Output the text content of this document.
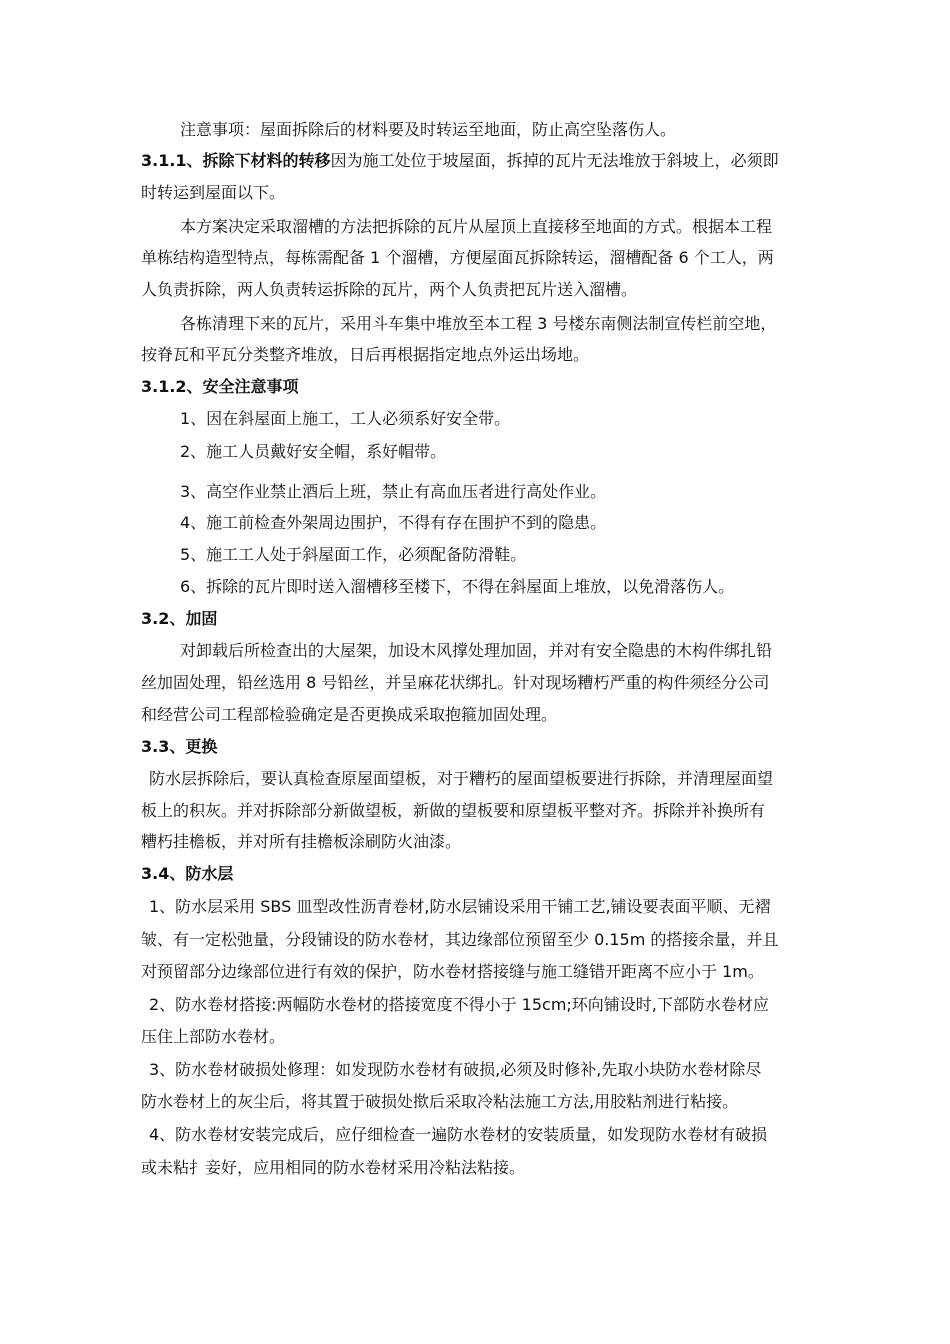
注意事项：屋面拆除后的材料要及时转运至地面，防止高空坠落伤人。
3.1.1、拆除下材料的转移因为施工处位于坡屋面，拆掉的瓦片无法堆放于斜坡上，必须即
时转运到屋面以下。
本方案决定采取溜槽的方法把拆除的瓦片从屋顶上直接移至地面的方式。根据本工程
单栋结构造型特点，每栋需配备 1 个溜槽，方便屋面瓦拆除转运，溜槽配备 6 个工人，两
人负责拆除，两人负责转运拆除的瓦片，两个人负责把瓦片送入溜槽。
各栋清理下来的瓦片，采用斗车集中堆放至本工程 3 号楼东南侧法制宣传栏前空地，
按脊瓦和平瓦分类整齐堆放，日后再根据指定地点外运出场地。
3.1.2、安全注意事项
1、因在斜屋面上施工，工人必须系好安全带。
2、施工人员戴好安全帽，系好帽带。
3、高空作业禁止酒后上班，禁止有高血压者进行高处作业。
4、施工前检查外架周边围护，不得有存在围护不到的隐患。
5、施工工人处于斜屋面工作，必须配备防滑鞋。
6、拆除的瓦片即时送入溜槽移至楼下，不得在斜屋面上堆放，以免滑落伤人。
3.2、加固
对卸载后所检查出的大屋架，加设木风撑处理加固，并对有安全隐患的木构件绑扎铅
丝加固处理，铅丝选用 8 号铅丝，并呈麻花状绑扎。针对现场糟朽严重的构件须经分公司
和经营公司工程部检验确定是否更换成采取抱箍加固处理。
3.3、更换
防水层拆除后，要认真检查原屋面望板，对于糟朽的屋面望板要进行拆除，并清理屋面望
板上的积灰。并对拆除部分新做望板，新做的望板要和原望板平整对齐。拆除并补换所有
糟朽挂檐板，并对所有挂檐板涂刷防火油漆。
3.4、防水层
1、防水层采用 SBS 皿型改性沥青卷材,防水层铺设采用干铺工艺,铺设要表面平顺、无褶
皱、有一定松弛量，分段铺设的防水卷材，其边缘部位预留至少 0.15m 的搭接余量，并且
对预留部分边缘部位进行有效的保护，防水卷材搭接缝与施工缝错开距离不应小于 1m。
2、防水卷材搭接:两幅防水卷材的搭接宽度不得小于 15cm;环向铺设时,下部防水卷材应
压住上部防水卷材。
3、防水卷材破损处修理：如发现防水卷材有破损,必须及时修补,先取小块防水卷材除尽
防水卷材上的灰尘后，将其置于破损处揿后采取冷粘法施工方法,用胶粘剂进行粘接。
4、防水卷材安装完成后，应仔细检查一遍防水卷材的安装质量，如发现防水卷材有破损
或未粘扌妾好，应用相同的防水卷材采用冷粘法粘接。
